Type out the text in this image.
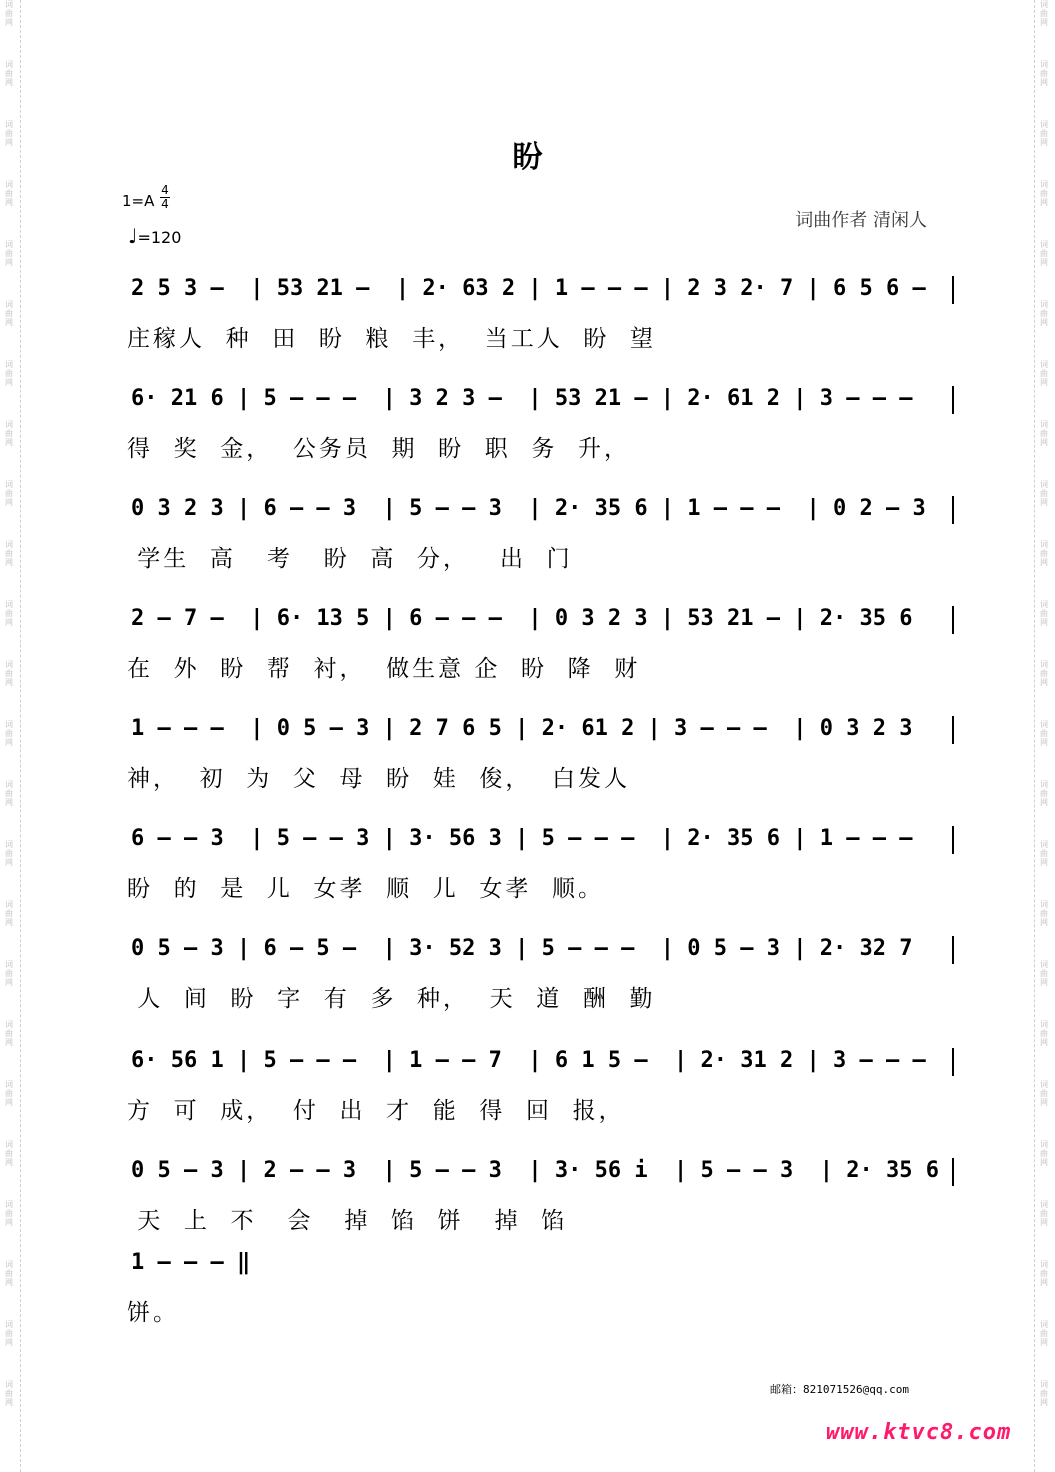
词
曲
网
词
曲
网
词
曲
网
词
曲
网
词
曲
网
词
曲
网
词
曲
网
词
曲
网
词
曲
网
词
曲
网
词
曲
网
词
曲
网
词
曲
网
词
曲
网
词
曲
网
词
曲
网
词
曲
网
词
曲
网
词
曲
网
词
曲
网
词
曲
网
词
曲
网
词
曲
网
词
曲
网
词
曲
网
词
曲
网
词
曲
网
词
曲
网
词
曲
网
词
曲
网
词
曲
网
词
曲
网
词
曲
网
词
曲
网
词
曲
网
词
曲
网
词
曲
网
词
曲
网
词
曲
网
词
曲
网
词
曲
网
词
曲
网
词
曲
网
词
曲
网
词
曲
网
词
曲
网
词
曲
网
词
曲
网
盼
1=A
4
4
♩=120
词曲作者 清闲人
2 5 3 –  | 53 21 –  | 2· 63 2 | 1 – – – | 2 3 2· 7 | 6 5 6 –
庄稼人  种  田  盼  粮  丰，  当工人  盼  望
6· 21 6 | 5 – – –  | 3 2 3 –  | 53 21 – | 2· 61 2 | 3 – – –
得  奖  金，  公务员  期  盼  职  务  升，
0 3 2 3 | 6 – – 3  | 5 – – 3  | 2· 35 6 | 1 – – –  | 0 2 – 3
学生  高   考   盼  高  分，   出  门
2 – 7 –  | 6· 13 5 | 6 – – –  | 0 3 2 3 | 53 21 – | 2· 35 6
在  外  盼  帮  衬，  做生意 企  盼  降  财
1 – – –  | 0 5 – 3 | 2 7 6 5 | 2· 61 2 | 3 – – –  | 0 3 2 3
神，  初  为  父  母  盼  娃  俊，  白发人
6 – – 3  | 5 – – 3 | 3· 56 3 | 5 – – –  | 2· 35 6 | 1 – – –
盼  的  是  儿  女孝  顺  儿  女孝  顺。
0 5 – 3 | 6 – 5 –  | 3· 52 3 | 5 – – –  | 0 5 – 3 | 2· 32 7
人  间  盼  字  有  多  种，  天  道  酬  勤
6· 56 1 | 5 – – –  | 1 – – 7  | 6 1 5 –  | 2· 31 2 | 3 – – –
方  可  成，  付  出  才  能  得  回  报，
0 5 – 3 | 2 – – 3  | 5 – – 3  | 3· 56 i  | 5 – – 3  | 2· 35 6
天  上  不   会   掉  馅  饼   掉  馅
1 – – – ‖
饼。
邮箱：821071526@qq.com
www.ktvc8.com
